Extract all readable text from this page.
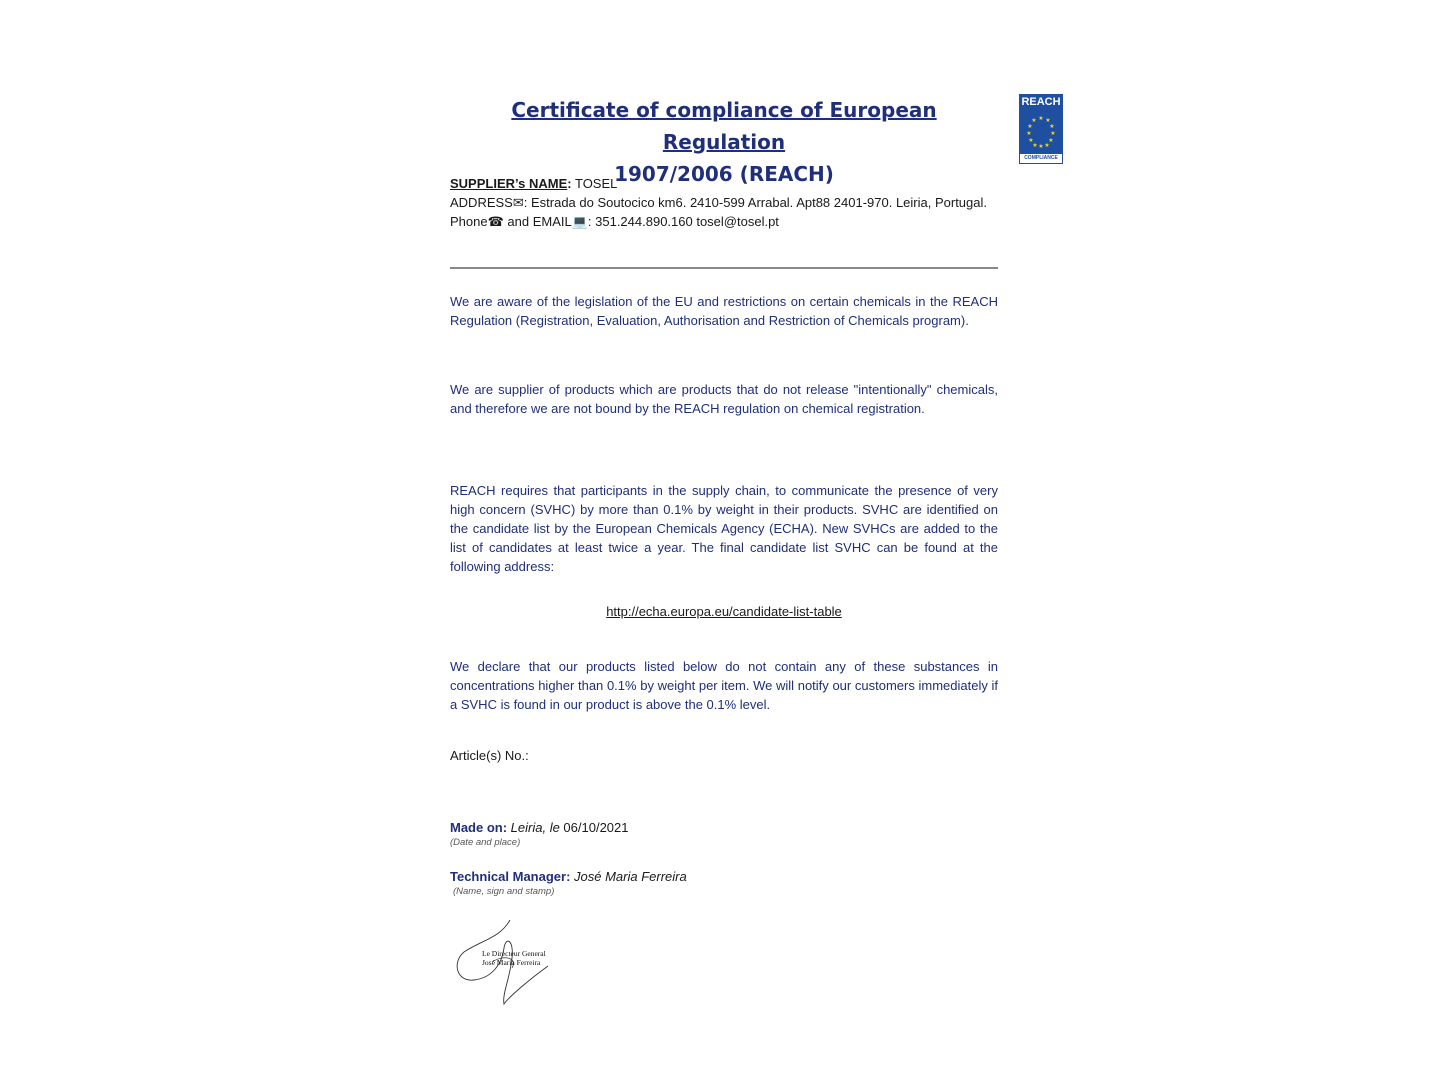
Certificate of compliance of European Regulation
1907/2006 (REACH)
REACH
★ ★
★
★
★
★
★
★
★
★
★
★
COMPLIANCE
SUPPLIER’s NAME: TOSEL
ADDRESS✉: Estrada do Soutocico km6. 2410-599 Arrabal. Apt88 2401-970. Leiria, Portugal.
Phone☎ and EMAIL💻: 351.244.890.160 tosel@tosel.pt
We are aware of the legislation of the EU and restrictions on certain chemicals in the REACH Regulation (Registration, Evaluation, Authorisation and Restriction of Chemicals program).
We are supplier of products which are products that do not release "intentionally" chemicals, and therefore we are not bound by the REACH regulation on chemical registration.
REACH requires that participants in the supply chain, to communicate the presence of very high concern (SVHC) by more than 0.1% by weight in their products. SVHC are identified on the candidate list by the European Chemicals Agency (ECHA). New SVHCs are added to the list of candidates at least twice a year. The final candidate list SVHC can be found at the following address:
http://echa.europa.eu/candidate-list-table
We declare that our products listed below do not contain any of these substances in concentrations higher than 0.1% by weight per item. We will notify our customers immediately if a SVHC is found in our product is above the 0.1% level.
Article(s) No.:
Made on: Leiria, le 06/10/2021
(Date and place)
Technical Manager: José Maria Ferreira
(Name, sign and stamp)
Le Directeur General
José Maria Ferreira
